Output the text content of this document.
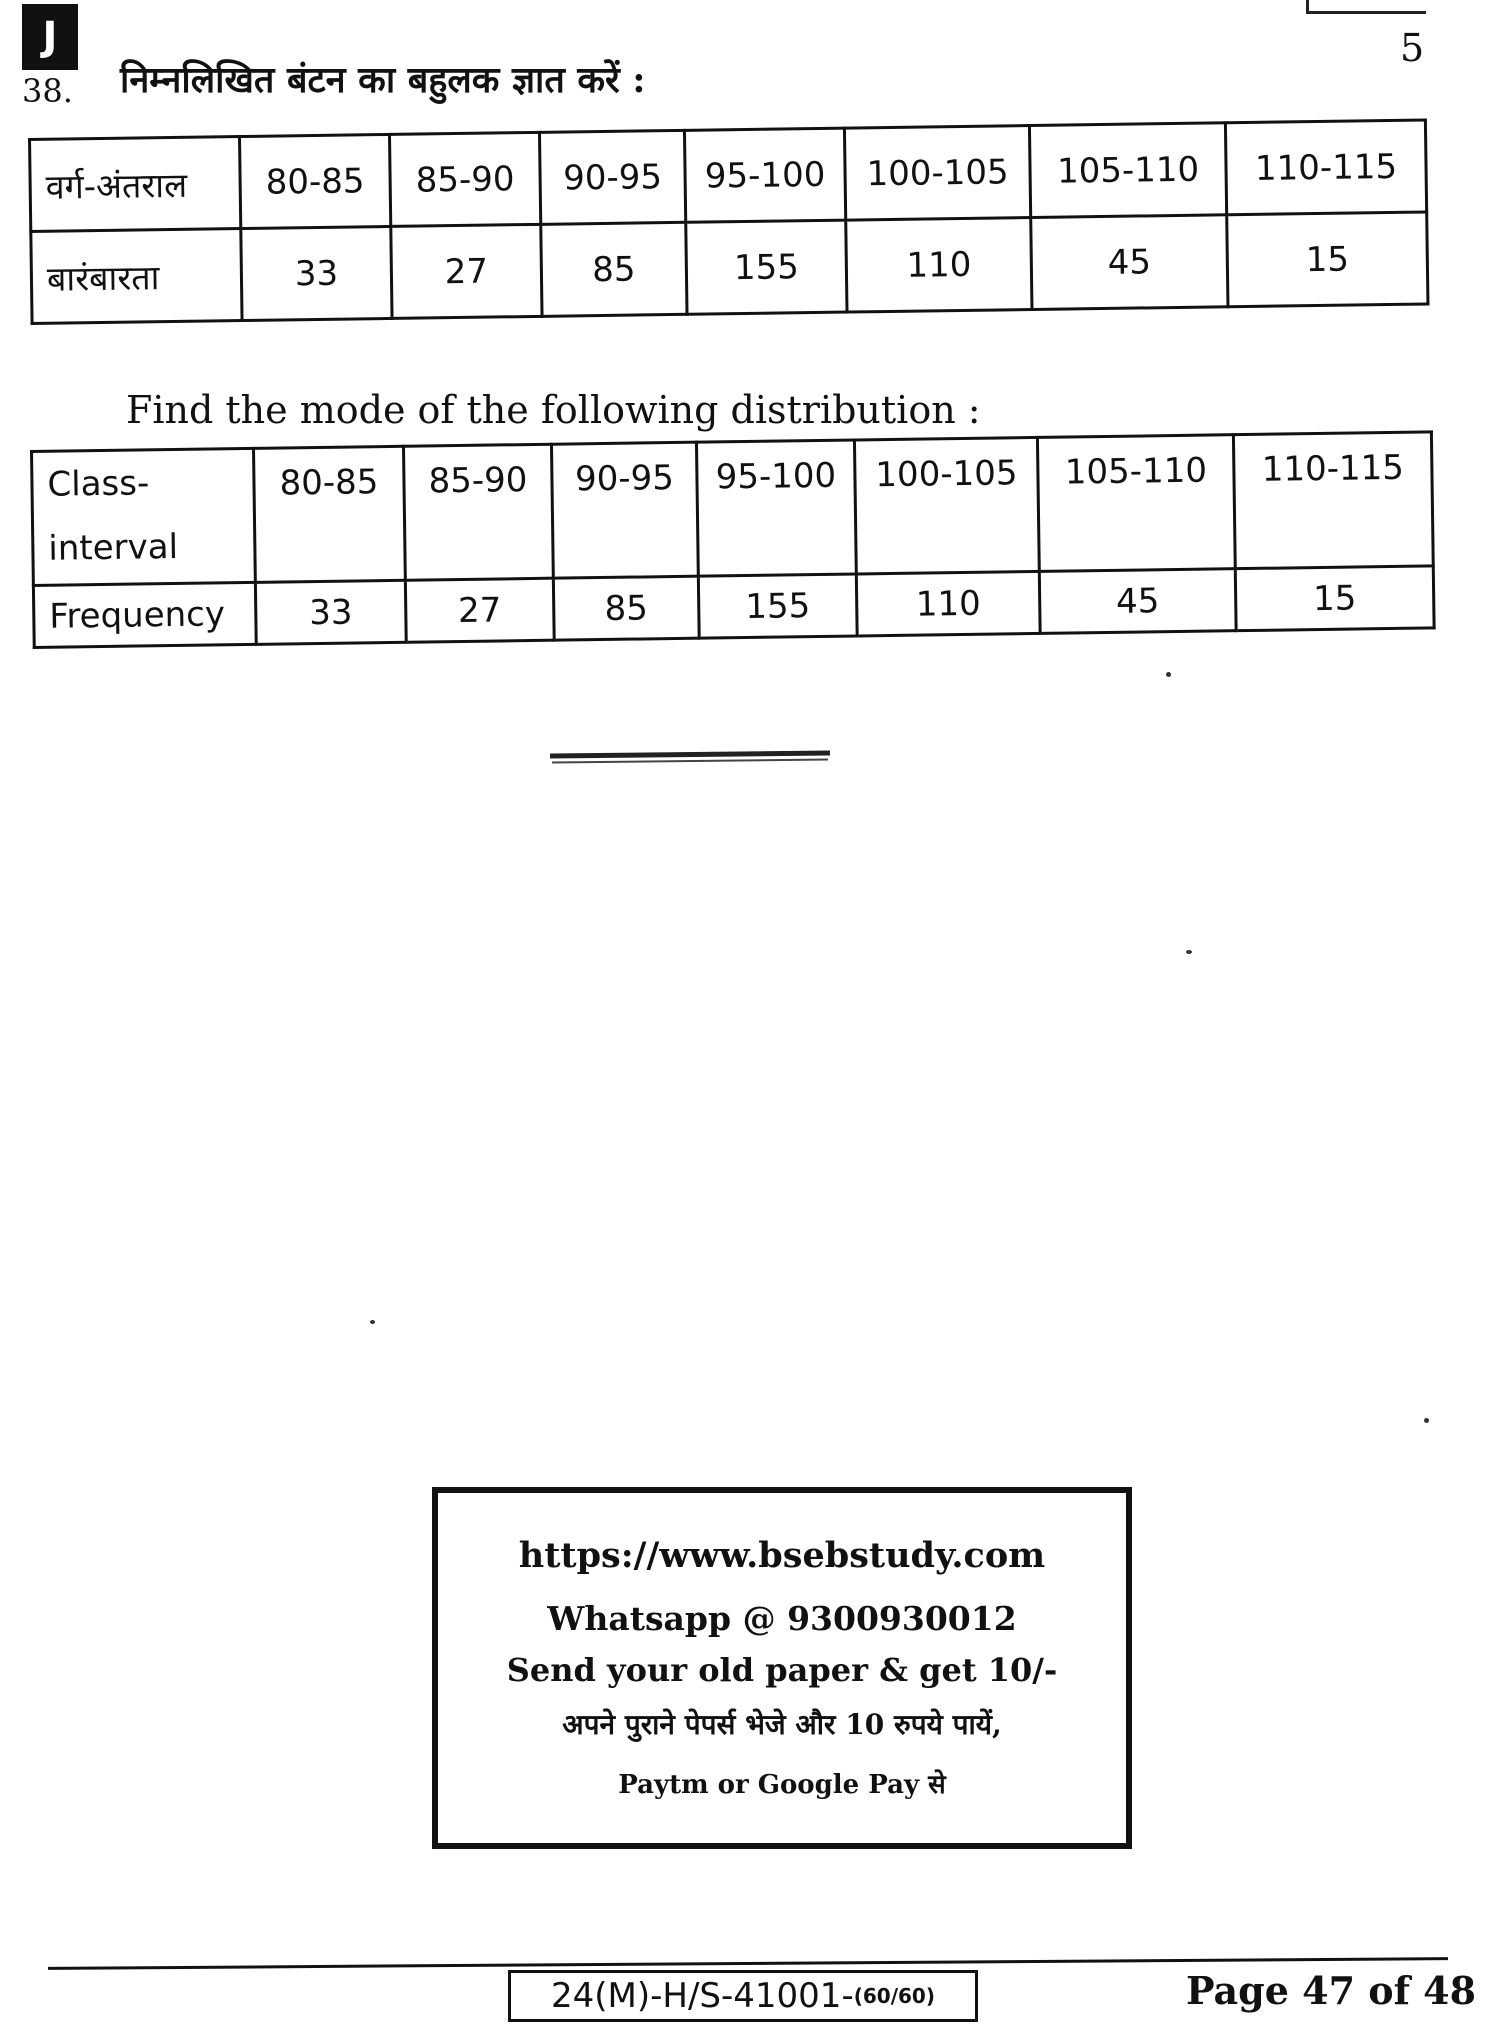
J	5
38. निम्नलिखित बंटन का बहुलक ज्ञात करें :
वर्ग-अंतराल	80-85	85-90	90-95	95-100	100-105	105-110	110-115
बारंबारता	33	27	85	155	110	45	15
Find the mode of the following distribution :
Class-
interval	80-85	85-90	90-95	95-100	100-105	105-110	110-115
Frequency	33	27	85	155	110	45	15
https://www.bsebstudy.com
Whatsapp @ 9300930012
Send your old paper & get 10/-
अपने पुराने पेपर्स भेजे और 10 रुपये पायें,
Paytm or Google Pay से
24(M)-H/S-41001- (60/60)	Page 47 of 48
